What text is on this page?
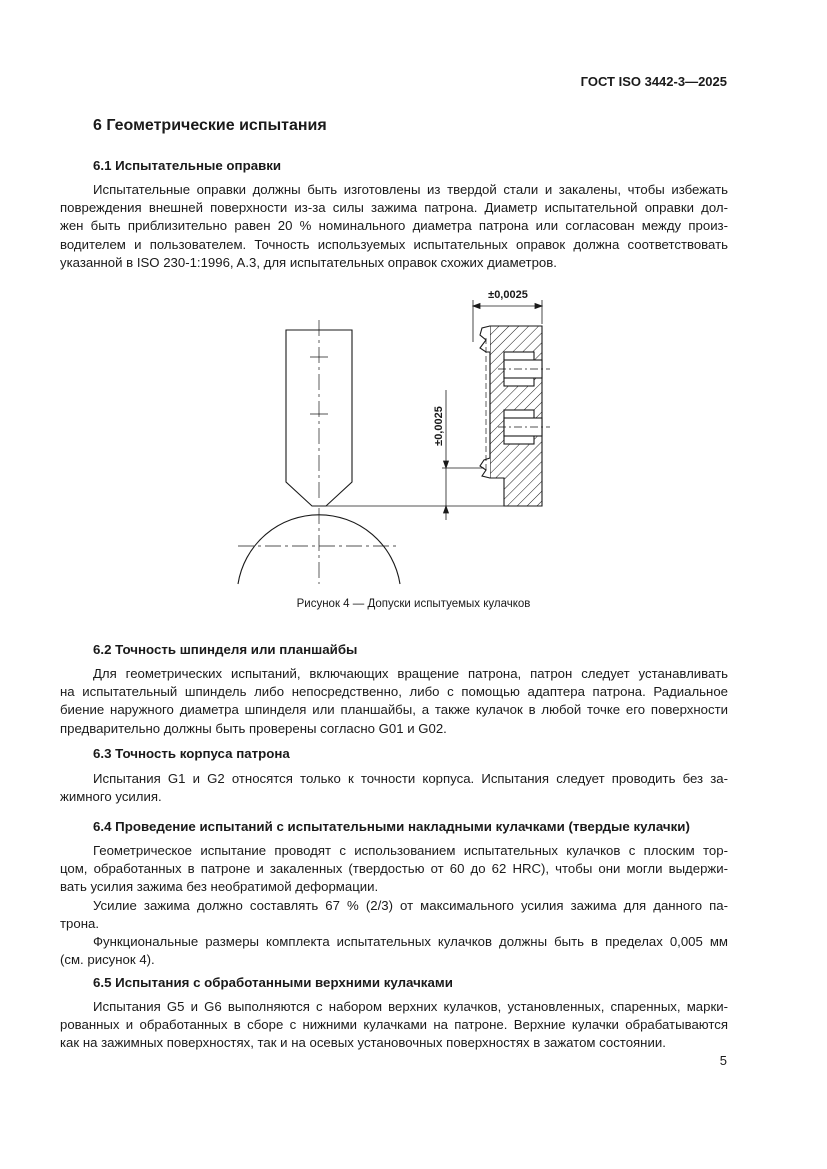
ГОСТ ISO 3442-3—2025
6 Геометрические испытания
6.1 Испытательные оправки
Испытательные оправки должны быть изготовлены из твердой стали и закалены, чтобы избежать
повреждения внешней поверхности из-за силы зажима патрона. Диаметр испытательной оправки дол-
жен быть приблизительно равен 20 % номинального диаметра патрона или согласован между произ-
водителем и пользователем. Точность используемых испытательных оправок должна соответствовать
указанной в ISO 230-1:1996, A.3, для испытательных оправок схожих диаметров.
±0,0025
±0,0025
Рисунок 4 — Допуски испытуемых кулачков
6.2 Точность шпинделя или планшайбы
Для геометрических испытаний, включающих вращение патрона, патрон следует устанавливать
на испытательный шпиндель либо непосредственно, либо с помощью адаптера патрона. Радиальное
биение наружного диаметра шпинделя или планшайбы, а также кулачок в любой точке его поверхности
предварительно должны быть проверены согласно G01 и G02.
6.3 Точность корпуса патрона
Испытания G1 и G2 относятся только к точности корпуса. Испытания следует проводить без за-
жимного усилия.
6.4 Проведение испытаний с испытательными накладными кулачками (твердые кулачки)
Геометрическое испытание проводят с использованием испытательных кулачков с плоским тор-
цом, обработанных в патроне и закаленных (твердостью от 60 до 62 HRC), чтобы они могли выдержи-
вать усилия зажима без необратимой деформации.
Усилие зажима должно составлять 67 % (2/3) от максимального усилия зажима для данного па-
трона.
Функциональные размеры комплекта испытательных кулачков должны быть в пределах 0,005 мм
(см. рисунок 4).
6.5 Испытания с обработанными верхними кулачками
Испытания G5 и G6 выполняются с набором верхних кулачков, установленных, спаренных, марки-
рованных и обработанных в сборе с нижними кулачками на патроне. Верхние кулачки обрабатываются
как на зажимных поверхностях, так и на осевых установочных поверхностях в зажатом состоянии.
5
